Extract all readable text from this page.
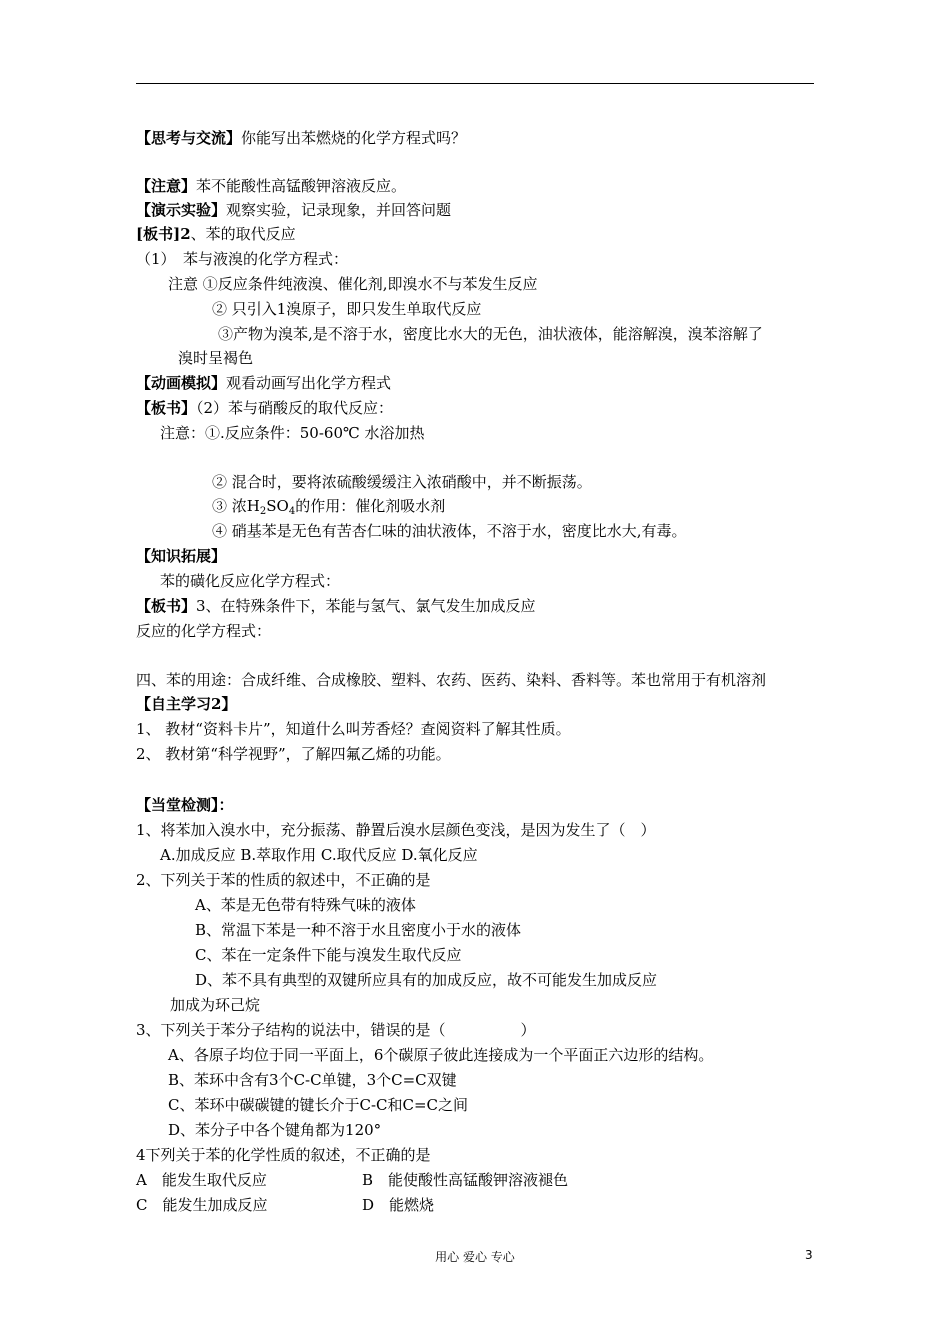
【思考与交流】你能写出苯燃烧的化学方程式吗？
【注意】苯不能酸性高锰酸钾溶液反应。
【演示实验】观察实验，记录现象，并回答问题
[板书]2、苯的取代反应
（1）　苯与液溴的化学方程式：
注意 ①反应条件纯液溴、催化剂,即溴水不与苯发生反应
② 只引入1溴原子，即只发生单取代反应
③产物为溴苯,是不溶于水，密度比水大的无色，油状液体，能溶解溴，溴苯溶解了
溴时呈褐色
【动画模拟】观看动画写出化学方程式
【板书】（2）苯与硝酸反的取代反应：
注意：①.反应条件：50-60℃ 水浴加热
② 混合时，要将浓硫酸缓缓注入浓硝酸中，并不断振荡。
③ 浓$H_2SO_4$的作用：催化剂吸水剂
④ 硝基苯是无色有苦杏仁味的油状液体，不溶于水，密度比水大,有毒。
【知识拓展】
苯的磺化反应化学方程式：
【板书】3、在特殊条件下，苯能与氢气、氯气发生加成反应
反应的化学方程式：
四、苯的用途：合成纤维、合成橡胶、塑料、农药、医药、染料、香料等。苯也常用于有机溶剂
【自主学习2】
1、 教材“资料卡片”，知道什么叫芳香烃？查阅资料了解其性质。
2、 教材第“科学视野”，了解四氟乙烯的功能。
【当堂检测】：
1、将苯加入溴水中，充分振荡、静置后溴水层颜色变浅，是因为发生了（　）
A.加成反应 B.萃取作用 C.取代反应 D.氧化反应
2、下列关于苯的性质的叙述中，不正确的是
A、苯是无色带有特殊气味的液体
B、常温下苯是一种不溶于水且密度小于水的液体
C、苯在一定条件下能与溴发生取代反应
D、苯不具有典型的双键所应具有的加成反应，故不可能发生加成反应
加成为环己烷
3、下列关于苯分子结构的说法中，错误的是（　　　　　）
A、各原子均位于同一平面上，6个碳原子彼此连接成为一个平面正六边形的结构。
B、苯环中含有3个C-C单键，3个C=C双键
C、苯环中碳碳键的键长介于C-C和C=C之间
D、苯分子中各个键角都为120°
4下列关于苯的化学性质的叙述，不正确的是
A　能发生取代反应	B　能使酸性高锰酸钾溶液褪色
C　能发生加成反应	D　能燃烧
用心 爱心 专心	3
